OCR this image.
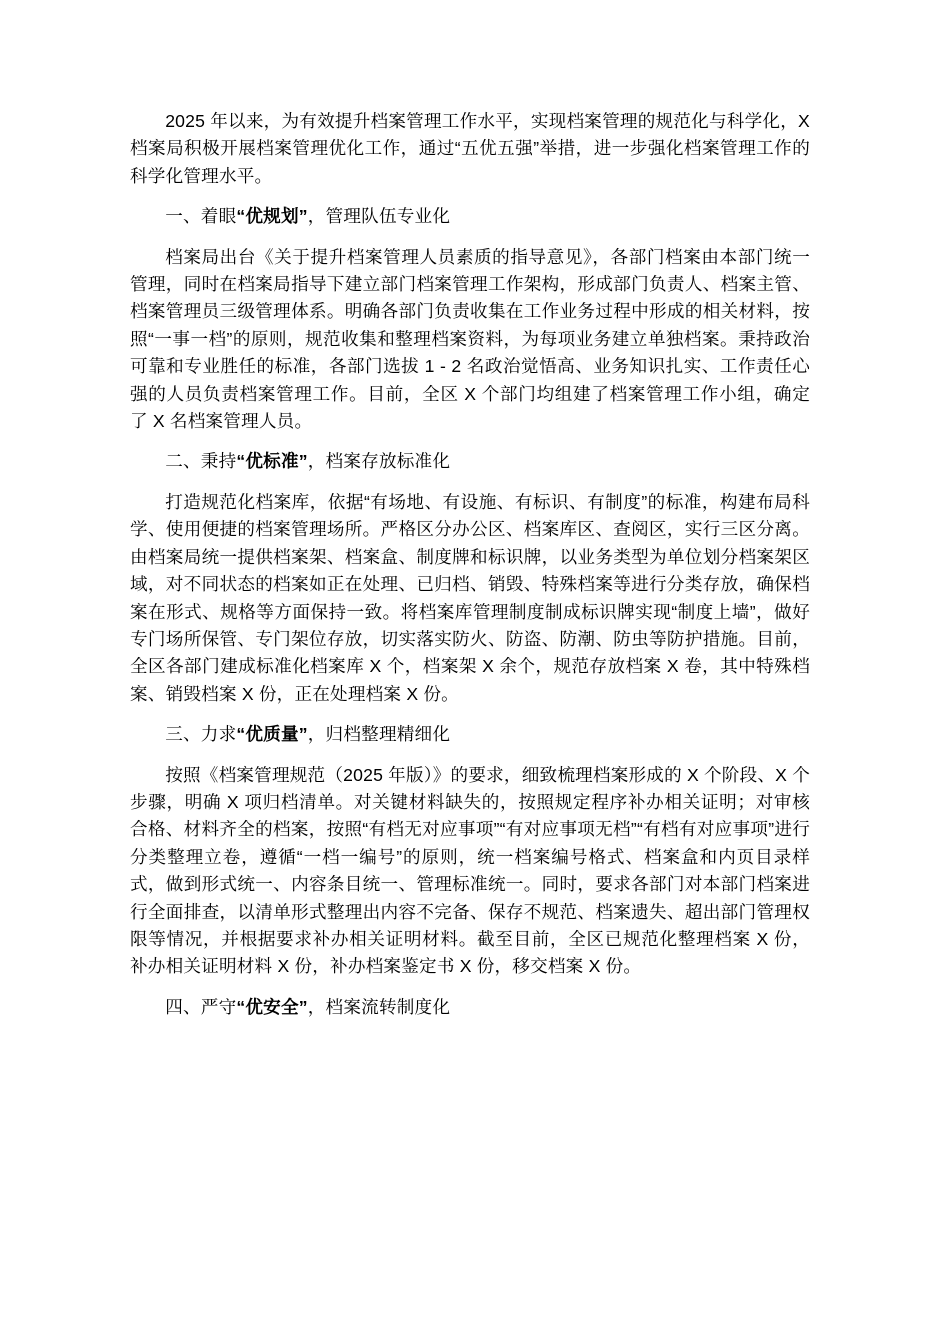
2025 年以来，为有效提升档案管理工作水平，实现档案管理的规范化与科学化，X 档案局积极开展档案管理优化工作，通过“五优五强”举措，进一步强化档案管理工作的科学化管理水平。

一、着眼“优规划”，管理队伍专业化

档案局出台《关于提升档案管理人员素质的指导意见》，各部门档案由本部门统一管理，同时在档案局指导下建立部门档案管理工作架构，形成部门负责人、档案主管、档案管理员三级管理体系。明确各部门负责收集在工作业务过程中形成的相关材料，按照“一事一档”的原则，规范收集和整理档案资料，为每项业务建立单独档案。秉持政治可靠和专业胜任的标准，各部门选拔 1 - 2 名政治觉悟高、业务知识扎实、工作责任心强的人员负责档案管理工作。目前，全区 X 个部门均组建了档案管理工作小组，确定了 X 名档案管理人员。

二、秉持“优标准”，档案存放标准化

打造规范化档案库，依据“有场地、有设施、有标识、有制度”的标准，构建布局科学、使用便捷的档案管理场所。严格区分办公区、档案库区、查阅区，实行三区分离。由档案局统一提供档案架、档案盒、制度牌和标识牌，以业务类型为单位划分档案架区域，对不同状态的档案如正在处理、已归档、销毁、特殊档案等进行分类存放，确保档案在形式、规格等方面保持一致。将档案库管理制度制成标识牌实现“制度上墙”，做好专门场所保管、专门架位存放，切实落实防火、防盗、防潮、防虫等防护措施。目前，全区各部门建成标准化档案库 X 个，档案架 X 余个，规范存放档案 X 卷，其中特殊档案、销毁档案 X 份，正在处理档案 X 份。

三、力求“优质量”，归档整理精细化

按照《档案管理规范（2025 年版）》的要求，细致梳理档案形成的 X 个阶段、X 个步骤，明确 X 项归档清单。对关键材料缺失的，按照规定程序补办相关证明；对审核合格、材料齐全的档案，按照“有档无对应事项”“有对应事项无档”“有档有对应事项”进行分类整理立卷，遵循“一档一编号”的原则，统一档案编号格式、档案盒和内页目录样式，做到形式统一、内容条目统一、管理标准统一。同时，要求各部门对本部门档案进行全面排查，以清单形式整理出内容不完备、保存不规范、档案遗失、超出部门管理权限等情况，并根据要求补办相关证明材料。截至目前，全区已规范化整理档案 X 份，补办相关证明材料 X 份，补办档案鉴定书 X 份，移交档案 X 份。

四、严守“优安全”，档案流转制度化
